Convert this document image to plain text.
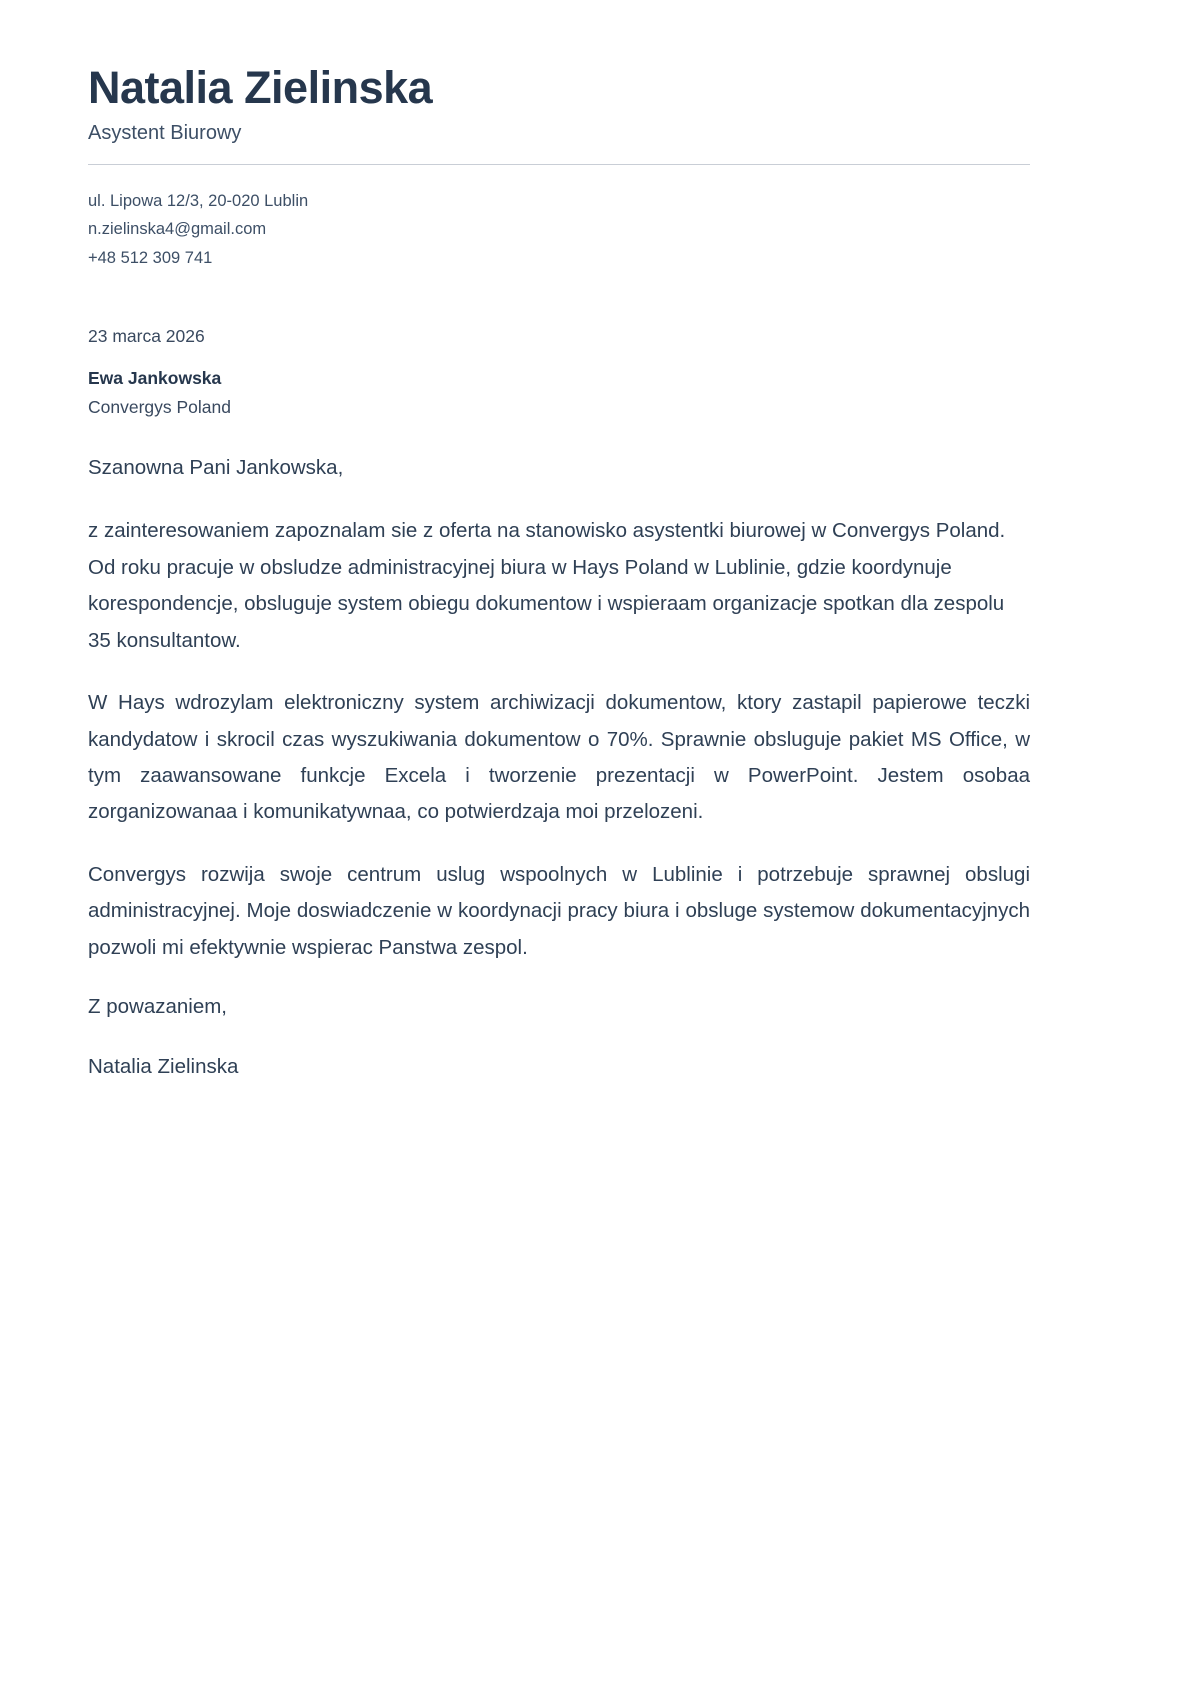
Natalia Zielinska
Asystent Biurowy

ul. Lipowa 12/3, 20-020 Lublin

n.zielinska4@gmail.com

+48 512 309 741

23 marca 2026
Ewa Jankowska
Convergys Poland
Szanowna Pani Jankowska,

z zainteresowaniem zapoznalam sie z oferta na stanowisko asystentki biurowej w Convergys Poland. Od roku pracuje w obsludze administracyjnej biura w Hays Poland w Lublinie, gdzie koordynuje korespondencje, obsluguje system obiegu dokumentow i wspieraam organizacje spotkan dla zespolu 35 konsultantow.

W Hays wdrozylam elektroniczny system archiwizacji dokumentow, ktory zastapil papierowe teczki kandydatow i skrocil czas wyszukiwania dokumentow o 70%. Sprawnie obsluguje pakiet MS Office, w tym zaawansowane funkcje Excela i tworzenie prezentacji w PowerPoint. Jestem osobaa zorganizowanaa i komunikatywnaa, co potwierdzaja moi przelozeni.

Convergys rozwija swoje centrum uslug wspoolnych w Lublinie i potrzebuje sprawnej obslugi administracyjnej. Moje doswiadczenie w koordynacji pracy biura i obsluge systemow dokumentacyjnych pozwoli mi efektywnie wspierac Panstwa zespol.

Z powazaniem,
Natalia Zielinska
